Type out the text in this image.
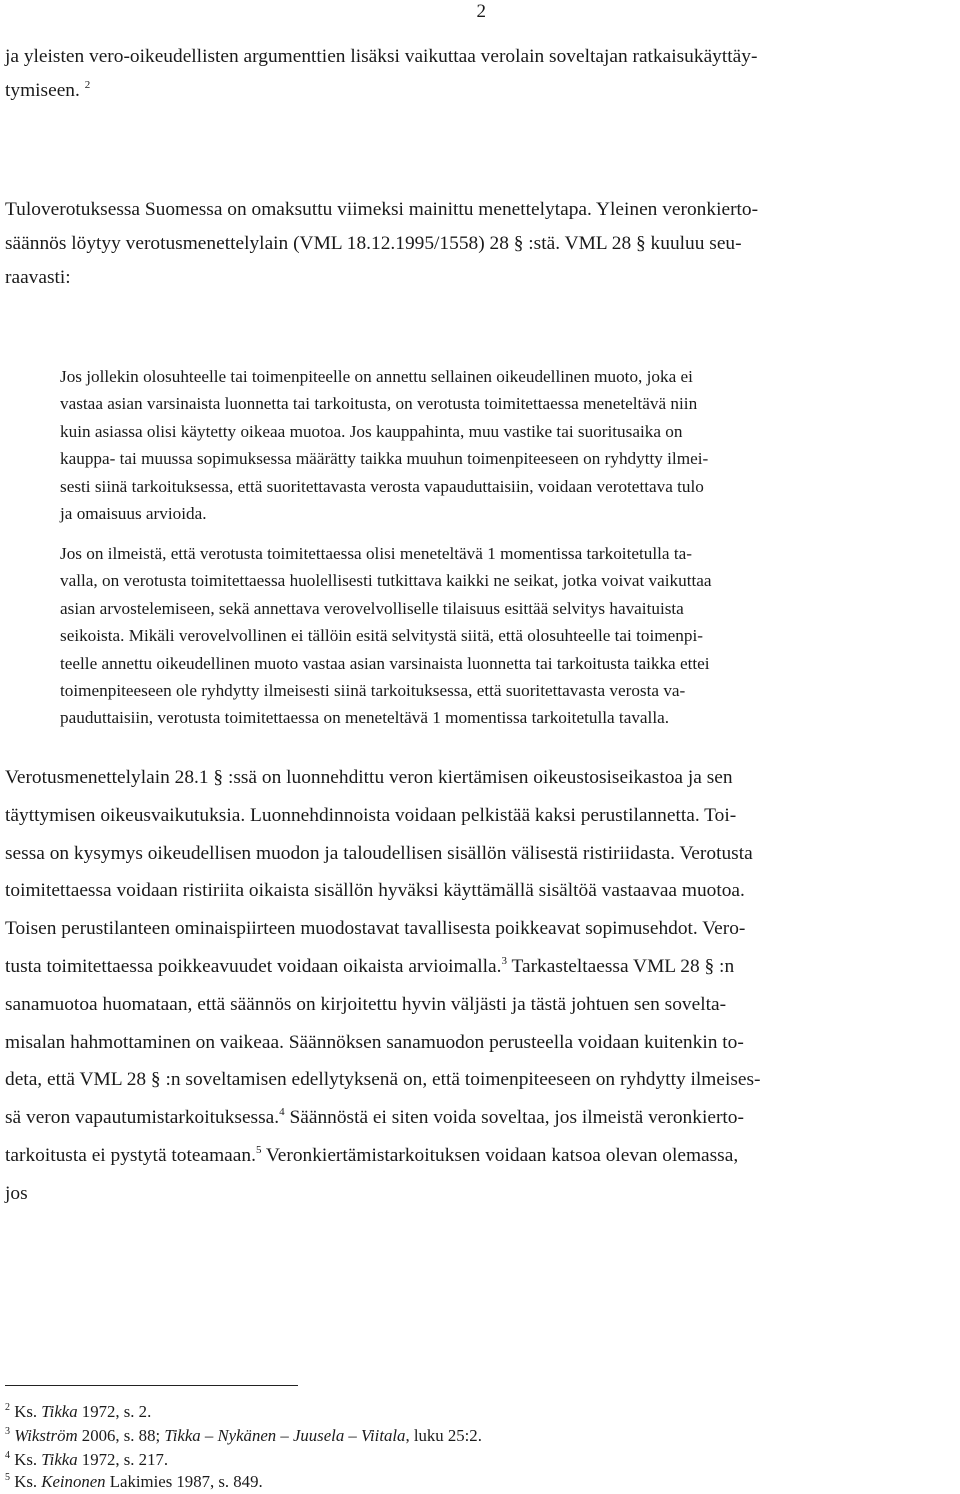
2
ja yleisten vero-oikeudellisten argumenttien lisäksi vaikuttaa verolain soveltajan ratkaisukäyttäy-
tymiseen. $^2$
Tuloverotuksessa Suomessa on omaksuttu viimeksi mainittu menettelytapa. Yleinen veronkierto-
säännös löytyy verotusmenettelylain (VML 18.12.1995/1558) 28 § :stä. VML 28 § kuuluu seu-
raavasti:
Jos jollekin olosuhteelle tai toimenpiteelle on annettu sellainen oikeudellinen muoto, joka ei
vastaa asian varsinaista luonnetta tai tarkoitusta, on verotusta toimitettaessa meneteltävä niin
kuin asiassa olisi käytetty oikeaa muotoa. Jos kauppahinta, muu vastike tai suoritusaika on
kauppa- tai muussa sopimuksessa määrätty taikka muuhun toimenpiteeseen on ryhdytty ilmei-
sesti siinä tarkoituksessa, että suoritettavasta verosta vapauduttaisiin, voidaan verotettava tulo
ja omaisuus arvioida.
Jos on ilmeistä, että verotusta toimitettaessa olisi meneteltävä 1 momentissa tarkoitetulla ta-
valla, on verotusta toimitettaessa huolellisesti tutkittava kaikki ne seikat, jotka voivat vaikuttaa
asian arvostelemiseen, sekä annettava verovelvolliselle tilaisuus esittää selvitys havaituista
seikoista. Mikäli verovelvollinen ei tällöin esitä selvitystä siitä, että olosuhteelle tai toimenpi-
teelle annettu oikeudellinen muoto vastaa asian varsinaista luonnetta tai tarkoitusta taikka ettei
toimenpiteeseen ole ryhdytty ilmeisesti siinä tarkoituksessa, että suoritettavasta verosta va-
pauduttaisiin, verotusta toimitettaessa on meneteltävä 1 momentissa tarkoitetulla tavalla.
Verotusmenettelylain 28.1 § :ssä on luonnehdittu veron kiertämisen oikeustosiseikastoa ja sen
täyttymisen oikeusvaikutuksia. Luonnehdinnoista voidaan pelkistää kaksi perustilannetta. Toi-
sessa on kysymys oikeudellisen muodon ja taloudellisen sisällön välisestä ristiriidasta. Verotusta
toimitettaessa voidaan ristiriita oikaista sisällön hyväksi käyttämällä sisältöä vastaavaa muotoa.
Toisen perustilanteen ominaispiirteen muodostavat tavallisesta poikkeavat sopimusehdot. Vero-
tusta toimitettaessa poikkeavuudet voidaan oikaista arvioimalla.$^3$ Tarkasteltaessa VML 28 § :n
sanamuotoa huomataan, että säännös on kirjoitettu hyvin väljästi ja tästä johtuen sen sovelta-
misalan hahmottaminen on vaikeaa. Säännöksen sanamuodon perusteella voidaan kuitenkin to-
deta, että VML 28 § :n soveltamisen edellytyksenä on, että toimenpiteeseen on ryhdytty ilmeises-
sä veron vapautumistarkoituksessa.$^4$ Säännöstä ei siten voida soveltaa, jos ilmeistä veronkierto-
tarkoitusta ei pystytä toteamaan.$^5$ Veronkiertämistarkoituksen voidaan katsoa olevan olemassa,
jos
$^2$ Ks. Tikka 1972, s. 2.
$^3$ Wikström 2006, s. 88; Tikka – Nykänen – Juusela – Viitala, luku 25:2.
$^4$ Ks. Tikka 1972, s. 217.
$^5$ Ks. Keinonen Lakimies 1987, s. 849.
